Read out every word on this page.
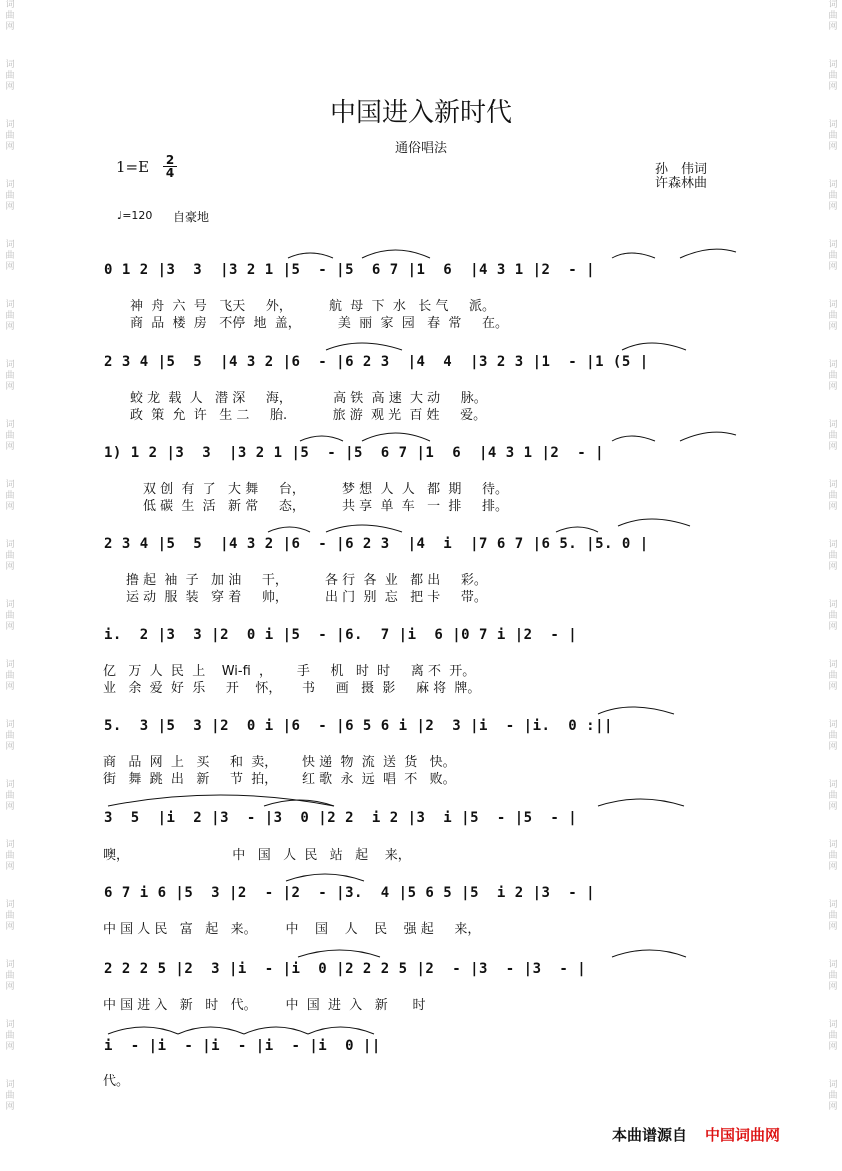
词
曲
网
词
曲
网
词
曲
网
词
曲
网
词
曲
网
词
曲
网
词
曲
网
词
曲
网
词
曲
网
词
曲
网
词
曲
网
词
曲
网
词
曲
网
词
曲
网
词
曲
网
词
曲
网
词
曲
网
词
曲
网
词
曲
网
词
曲
网
词
曲
网
词
曲
网
词
曲
网
词
曲
网
词
曲
网
词
曲
网
词
曲
网
词
曲
网
词
曲
网
词
曲
网
词
曲
网
词
曲
网
词
曲
网
词
曲
网
词
曲
网
词
曲
网
词
曲
网
词
曲
网
中国进入新时代
通俗唱法
1=E 2
4	孙　伟词
许森林曲
♩=120 自豪地
0 1 2 |3  3  |3 2 1 |5  - |5  6 7 |1  6  |4 3 1 |2  - |
神  舟  六  号   飞天     外，         航  母  下  水   长 气     派。
商  品  楼  房   不停  地  盖，         美  丽  家  园   春  常     在。
2 3 4 |5  5  |4 3 2 |6  - |6 2 3  |4  4  |3 2 3 |1  - |1 (5 |
蛟 龙  载  人   潜 深     海，          高 铁  高 速  大 动     脉。
政  策  允  许   生 二     胎.           旅 游  观 光  百 姓     爱。
1) 1 2 |3  3  |3 2 1 |5  - |5  6 7 |1  6  |4 3 1 |2  - |
双 创  有  了   大 舞     台，         梦 想  人  人   都  期     待。
低 碳  生  活   新 常     态，         共 享  单  车   一  排     排。
2 3 4 |5  5  |4 3 2 |6  - |6 2 3  |4  i  |7 6 7 |6 5. |5. 0 |
撸 起  袖  子   加 油     干，         各 行  各  业   都 出     彩。
运 动  服  装   穿 着     帅，         出 门  别  忘   把 卡     带。
i.  2 |3  3 |2  0 i |5  - |6.  7 |i  6 |0 7 i |2  - |
亿   万  人  民  上    Wi-fi  ，      手     机   时  时     离 不  开。
业   余  爱  好  乐     开    怀，     书     画   摄  影     麻 将  牌。
5.  3 |5  3 |2  0 i |6  - |6 5 6 i |2  3 |i  - |i.  0 :||
商   品  网  上   买     和  卖，      快 递  物  流  送  货   快。
街   舞  跳  出   新     节  拍，      红 歌  永  远  唱  不   败。
3  5  |i  2 |3  - |3  0 |2 2  i 2 |3  i |5  - |5  - |
噢，                         中   国   人  民   站   起    来，
6 7 i 6 |5  3 |2  - |2  - |3.  4 |5 6 5 |5  i 2 |3  - |
中 国 人 民   富   起   来。       中    国    人    民    强 起     来，
2 2 2 5 |2  3 |i  - |i  0 |2 2 2 5 |2  - |3  - |3  - |
中 国 进 入   新   时   代。       中  国  进  入   新      时
i  - |i  - |i  - |i  - |i  0 ||
代。
本曲谱源自 中国词曲网
